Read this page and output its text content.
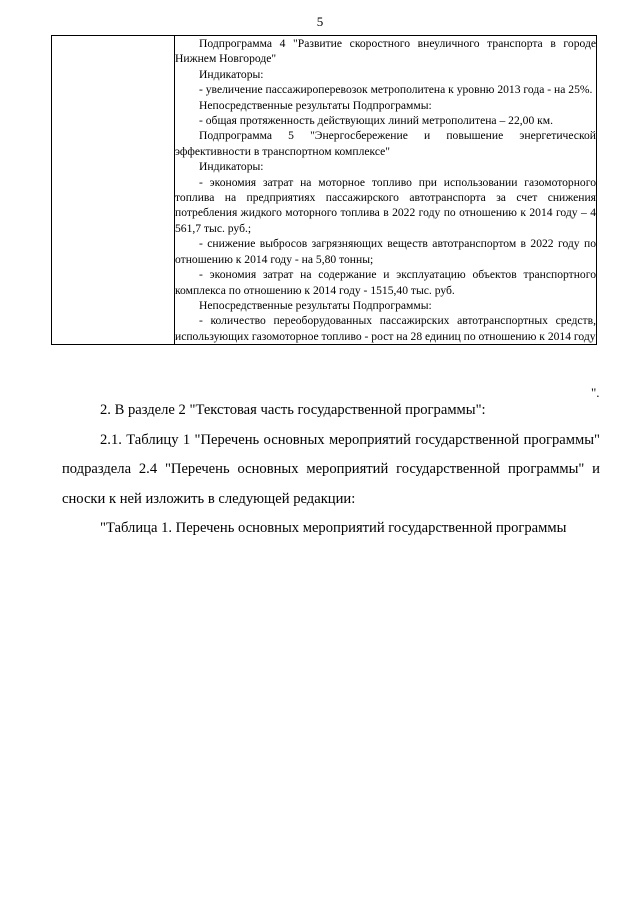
5

Подпрограмма 4 "Развитие скоростного внеуличного транспорта в городе Нижнем Новгороде"

Индикаторы:

- увеличение пассажироперевозок метрополитена к уровню 2013 года - на 25%.

Непосредственные результаты Подпрограммы:

- общая протяженность действующих линий метрополитена – 22,00 км.

Подпрограмма 5 "Энергосбережение и повышение энергетической эффективности в транспортном комплексе"

Индикаторы:

- экономия затрат на моторное топливо при использовании газомоторного топлива на предприятиях пассажирского автотранспорта за счет снижения потребления жидкого моторного топлива в 2022 году по отношению к 2014 году – 4 561,7 тыс. руб.;

- снижение выбросов загрязняющих веществ автотранспортом в 2022 году по отношению к 2014 году - на 5,80 тонны;

- экономия затрат на содержание и эксплуатацию объектов транспортного комплекса по отношению к 2014 году - 1515,40 тыс. руб.

Непосредственные результаты Подпрограммы:

- количество переоборудованных пассажирских автотранспортных средств, использующих газомоторное топливо - рост на 28 единиц по отношению к 2014 году

".

2. В разделе 2 "Текстовая часть государственной программы":

2.1. Таблицу 1 "Перечень основных мероприятий государственной программы" подраздела 2.4 "Перечень основных мероприятий государственной программы" и сноски к ней изложить в следующей редакции:

"Таблица 1. Перечень основных мероприятий государственной программы
